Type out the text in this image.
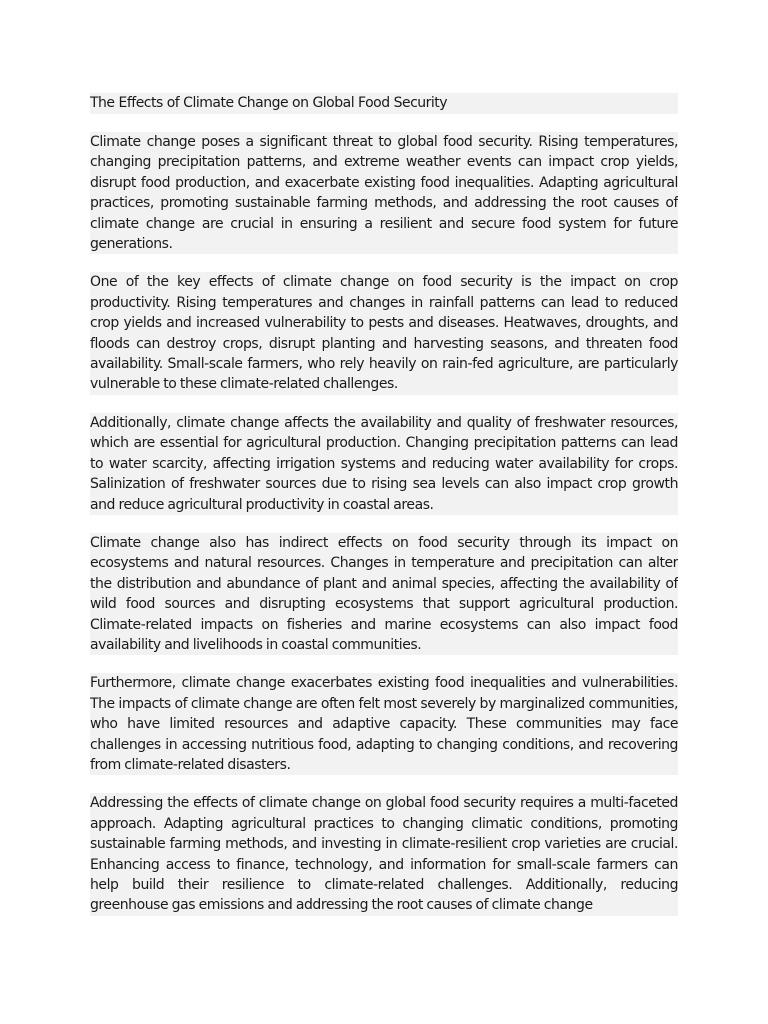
The Effects of Climate Change on Global Food Security

Climate change poses a significant threat to global food security. Rising temperatures, changing precipitation patterns, and extreme weather events can impact crop yields, disrupt food production, and exacerbate existing food inequalities. Adapting agricultural practices, promoting sustainable farming methods, and addressing the root causes of climate change are crucial in ensuring a resilient and secure food system for future generations.

One of the key effects of climate change on food security is the impact on crop productivity. Rising temperatures and changes in rainfall patterns can lead to reduced crop yields and increased vulnerability to pests and diseases. Heatwaves, droughts, and floods can destroy crops, disrupt planting and harvesting seasons, and threaten food availability. Small-scale farmers, who rely heavily on rain-fed agriculture, are particularly vulnerable to these climate-related challenges.

Additionally, climate change affects the availability and quality of freshwater resources, which are essential for agricultural production. Changing precipitation patterns can lead to water scarcity, affecting irrigation systems and reducing water availability for crops. Salinization of freshwater sources due to rising sea levels can also impact crop growth and reduce agricultural productivity in coastal areas.

Climate change also has indirect effects on food security through its impact on ecosystems and natural resources. Changes in temperature and precipitation can alter the distribution and abundance of plant and animal species, affecting the availability of wild food sources and disrupting ecosystems that support agricultural production. Climate-related impacts on fisheries and marine ecosystems can also impact food availability and livelihoods in coastal communities.

Furthermore, climate change exacerbates existing food inequalities and vulnerabilities. The impacts of climate change are often felt most severely by marginalized communities, who have limited resources and adaptive capacity. These communities may face challenges in accessing nutritious food, adapting to changing conditions, and recovering from climate-related disasters.

Addressing the effects of climate change on global food security requires a multi-faceted approach. Adapting agricultural practices to changing climatic conditions, promoting sustainable farming methods, and investing in climate-resilient crop varieties are crucial. Enhancing access to finance, technology, and information for small-scale farmers can help build their resilience to climate-related challenges. Additionally, reducing greenhouse gas emissions and addressing the root causes of climate change
